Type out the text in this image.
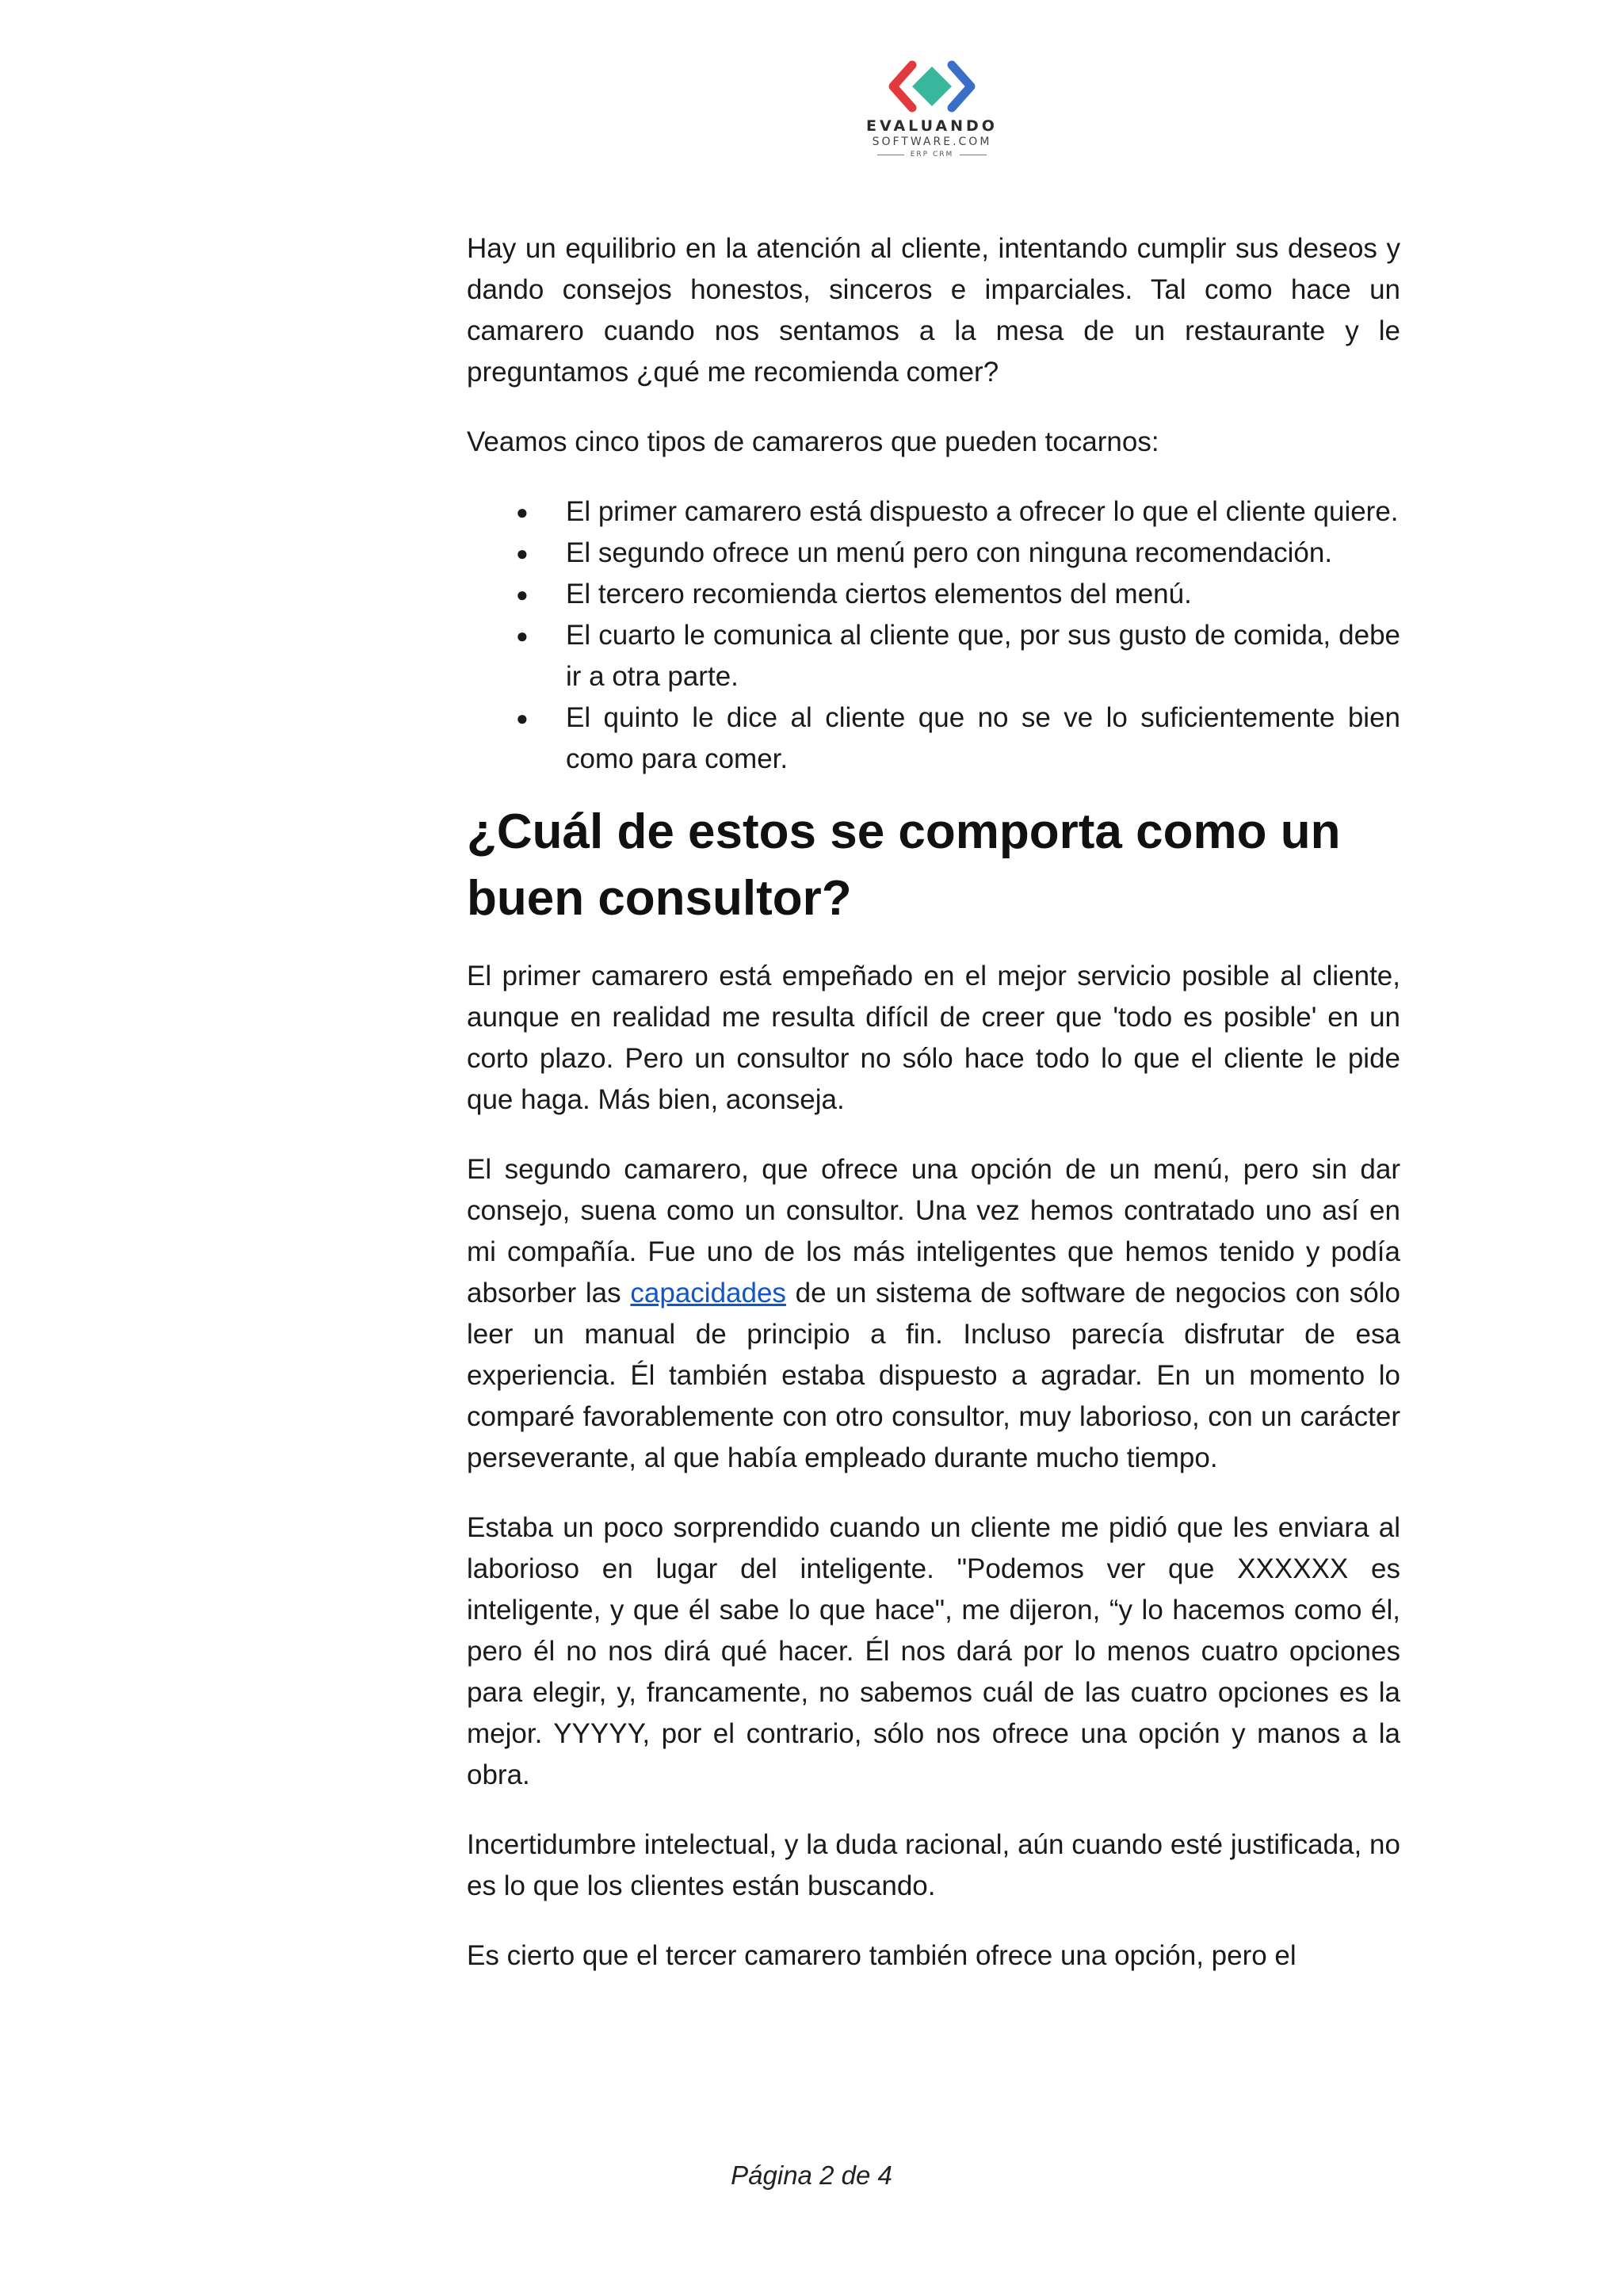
EVALUANDO
SOFTWARE.COM
ERP CRM

Hay un equilibrio en la atención al cliente, intentando cumplir sus deseos y dando consejos honestos, sinceros e imparciales. Tal como hace un camarero cuando nos sentamos a la mesa de un restaurante y le preguntamos ¿qué me recomienda comer?

Veamos cinco tipos de camareros que pueden tocarnos:

● El primer camarero está dispuesto a ofrecer lo que el cliente quiere.
● El segundo ofrece un menú pero con ninguna recomendación.
● El tercero recomienda ciertos elementos del menú.
● El cuarto le comunica al cliente que, por sus gusto de comida, debe ir a otra parte.
● El quinto le dice al cliente que no se ve lo suficientemente bien como para comer.
¿Cuál de estos se comporta como un buen consultor?

El primer camarero está empeñado en el mejor servicio posible al cliente, aunque en realidad me resulta difícil de creer que 'todo es posible' en un corto plazo. Pero un consultor no sólo hace todo lo que el cliente le pide que haga. Más bien, aconseja.

El segundo camarero, que ofrece una opción de un menú, pero sin dar consejo, suena como un consultor. Una vez hemos contratado uno así en mi compañía. Fue uno de los más inteligentes que hemos tenido y podía absorber las capacidades de un sistema de software de negocios con sólo leer un manual de principio a fin. Incluso parecía disfrutar de esa experiencia. Él también estaba dispuesto a agradar. En un momento lo comparé favorablemente con otro consultor, muy laborioso, con un carácter perseverante, al que había empleado durante mucho tiempo.

Estaba un poco sorprendido cuando un cliente me pidió que les enviara al laborioso en lugar del inteligente. "Podemos ver que XXXXXX es inteligente, y que él sabe lo que hace", me dijeron, “y lo hacemos como él, pero él no nos dirá qué hacer. Él nos dará por lo menos cuatro opciones para elegir, y, francamente, no sabemos cuál de las cuatro opciones es la mejor. YYYYY, por el contrario, sólo nos ofrece una opción y manos a la obra.

Incertidumbre intelectual, y la duda racional, aún cuando esté justificada, no es lo que los clientes están buscando.

Es cierto que el tercer camarero también ofrece una opción, pero el

Página 2 de 4
